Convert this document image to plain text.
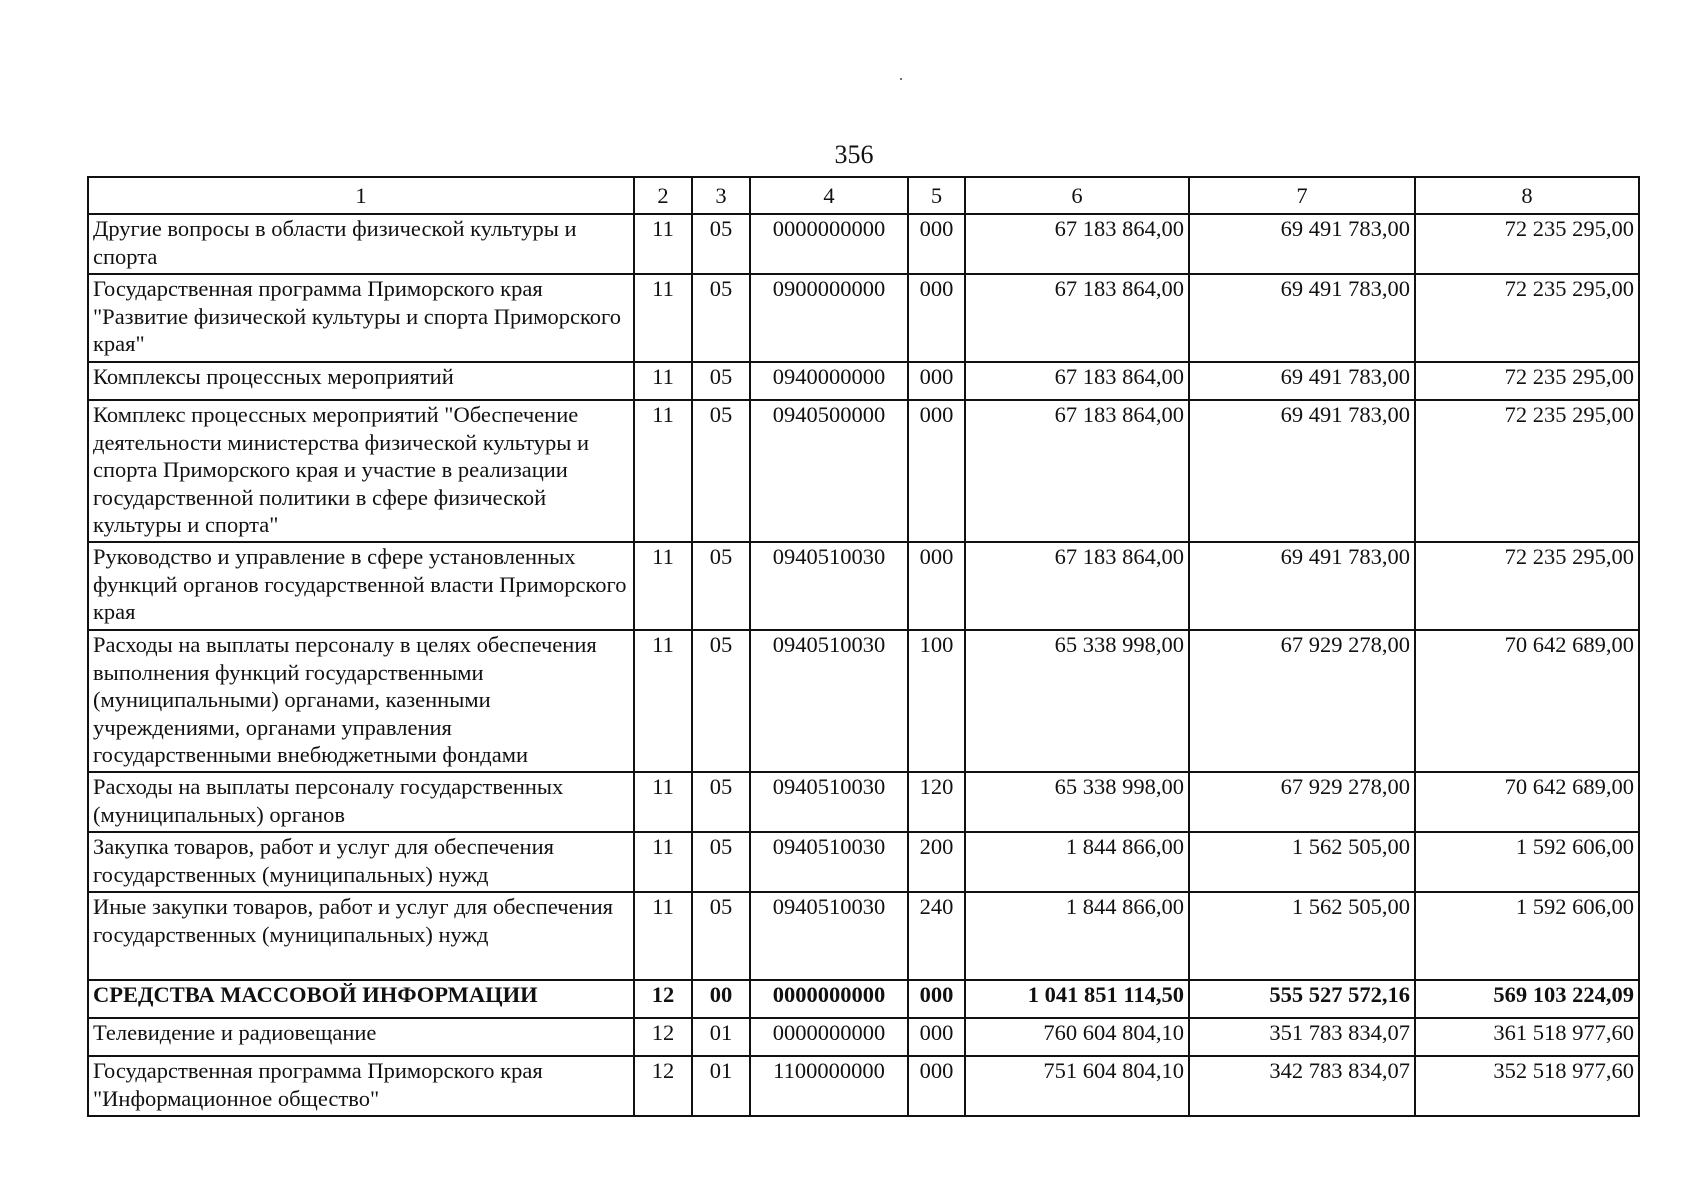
356
1	2	3	4	5	6	7	8
Другие вопросы в области физической культуры и спорта	11	05	0000000000	000	67 183 864,00	69 491 783,00	72 235 295,00
Государственная программа Приморского края "Развитие физической культуры и спорта Приморского края"	11	05	0900000000	000	67 183 864,00	69 491 783,00	72 235 295,00
Комплексы процессных мероприятий	11	05	0940000000	000	67 183 864,00	69 491 783,00	72 235 295,00
Комплекс процессных мероприятий "Обеспечение деятельности министерства физической культуры и спорта Приморского края и участие в реализации государственной политики в сфере физической культуры и спорта"	11	05	0940500000	000	67 183 864,00	69 491 783,00	72 235 295,00
Руководство и управление в сфере установленных функций органов государственной власти Приморского края	11	05	0940510030	000	67 183 864,00	69 491 783,00	72 235 295,00
Расходы на выплаты персоналу в целях обеспечения выполнения функций государственными (муниципальными) органами, казенными учреждениями, органами управления государственными внебюджетными фондами	11	05	0940510030	100	65 338 998,00	67 929 278,00	70 642 689,00
Расходы на выплаты персоналу государственных (муниципальных) органов	11	05	0940510030	120	65 338 998,00	67 929 278,00	70 642 689,00
Закупка товаров, работ и услуг для обеспечения государственных (муниципальных) нужд	11	05	0940510030	200	1 844 866,00	1 562 505,00	1 592 606,00
Иные закупки товаров, работ и услуг для обеспечения государственных (муниципальных) нужд	11	05	0940510030	240	1 844 866,00	1 562 505,00	1 592 606,00
СРЕДСТВА МАССОВОЙ ИНФОРМАЦИИ	12	00	0000000000	000	1 041 851 114,50	555 527 572,16	569 103 224,09
Телевидение и радиовещание	12	01	0000000000	000	760 604 804,10	351 783 834,07	361 518 977,60
Государственная программа Приморского края "Информационное общество"	12	01	1100000000	000	751 604 804,10	342 783 834,07	352 518 977,60
